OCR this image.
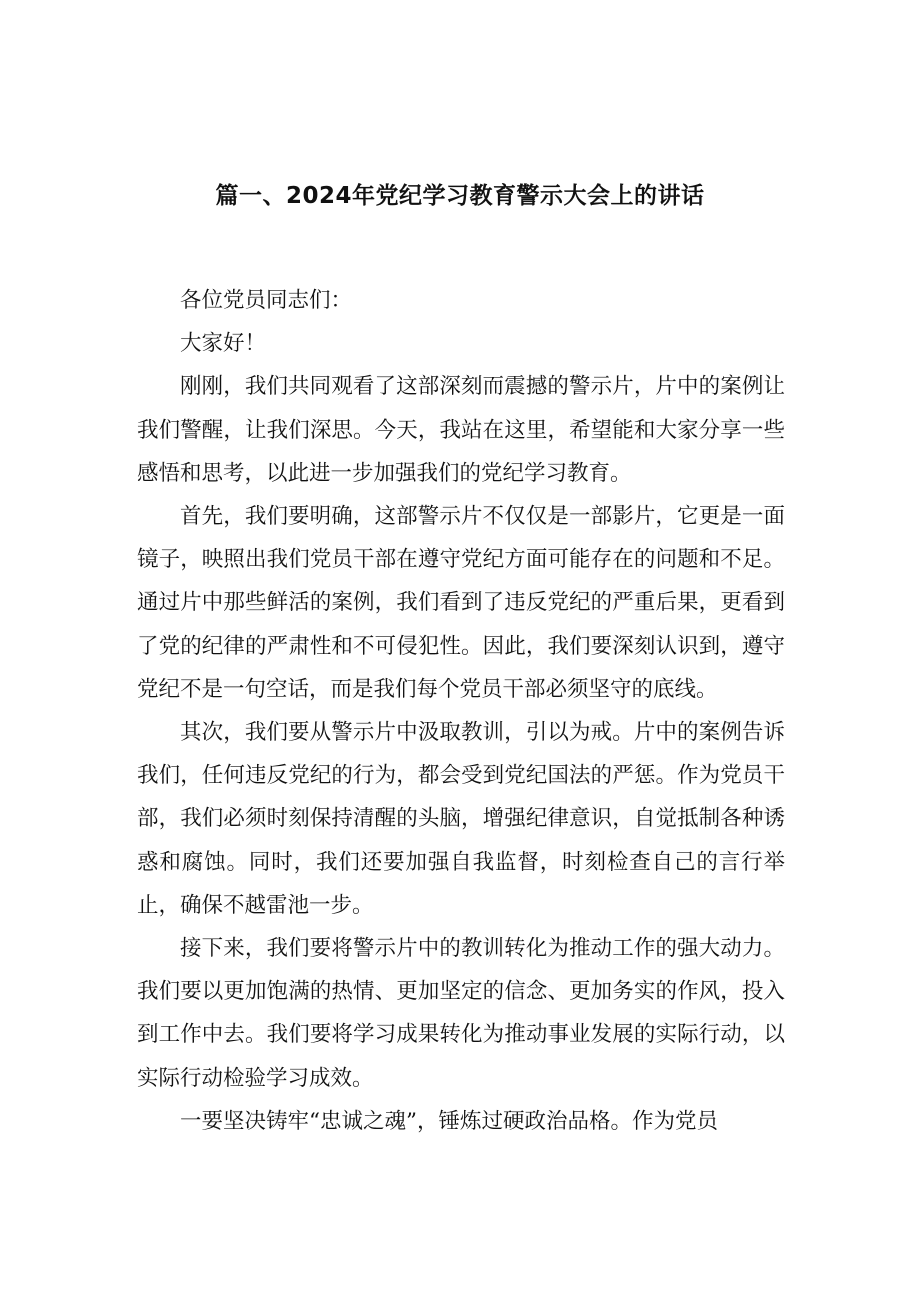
篇一、2024年党纪学习教育警示大会上的讲话

各位党员同志们：

大家好！

刚刚，我们共同观看了这部深刻而震撼的警示片，片中的案例让我们警醒，让我们深思。今天，我站在这里，希望能和大家分享一些感悟和思考，以此进一步加强我们的党纪学习教育。

首先，我们要明确，这部警示片不仅仅是一部影片，它更是一面镜子，映照出我们党员干部在遵守党纪方面可能存在的问题和不足。通过片中那些鲜活的案例，我们看到了违反党纪的严重后果，更看到了党的纪律的严肃性和不可侵犯性。因此，我们要深刻认识到，遵守党纪不是一句空话，而是我们每个党员干部必须坚守的底线。

其次，我们要从警示片中汲取教训，引以为戒。片中的案例告诉我们，任何违反党纪的行为，都会受到党纪国法的严惩。作为党员干部，我们必须时刻保持清醒的头脑，增强纪律意识，自觉抵制各种诱惑和腐蚀。同时，我们还要加强自我监督，时刻检查自己的言行举止，确保不越雷池一步。

接下来，我们要将警示片中的教训转化为推动工作的强大动力。我们要以更加饱满的热情、更加坚定的信念、更加务实的作风，投入到工作中去。我们要将学习成果转化为推动事业发展的实际行动，以实际行动检验学习成效。

一要坚决铸牢“忠诚之魂”，锤炼过硬政治品格。作为党员
